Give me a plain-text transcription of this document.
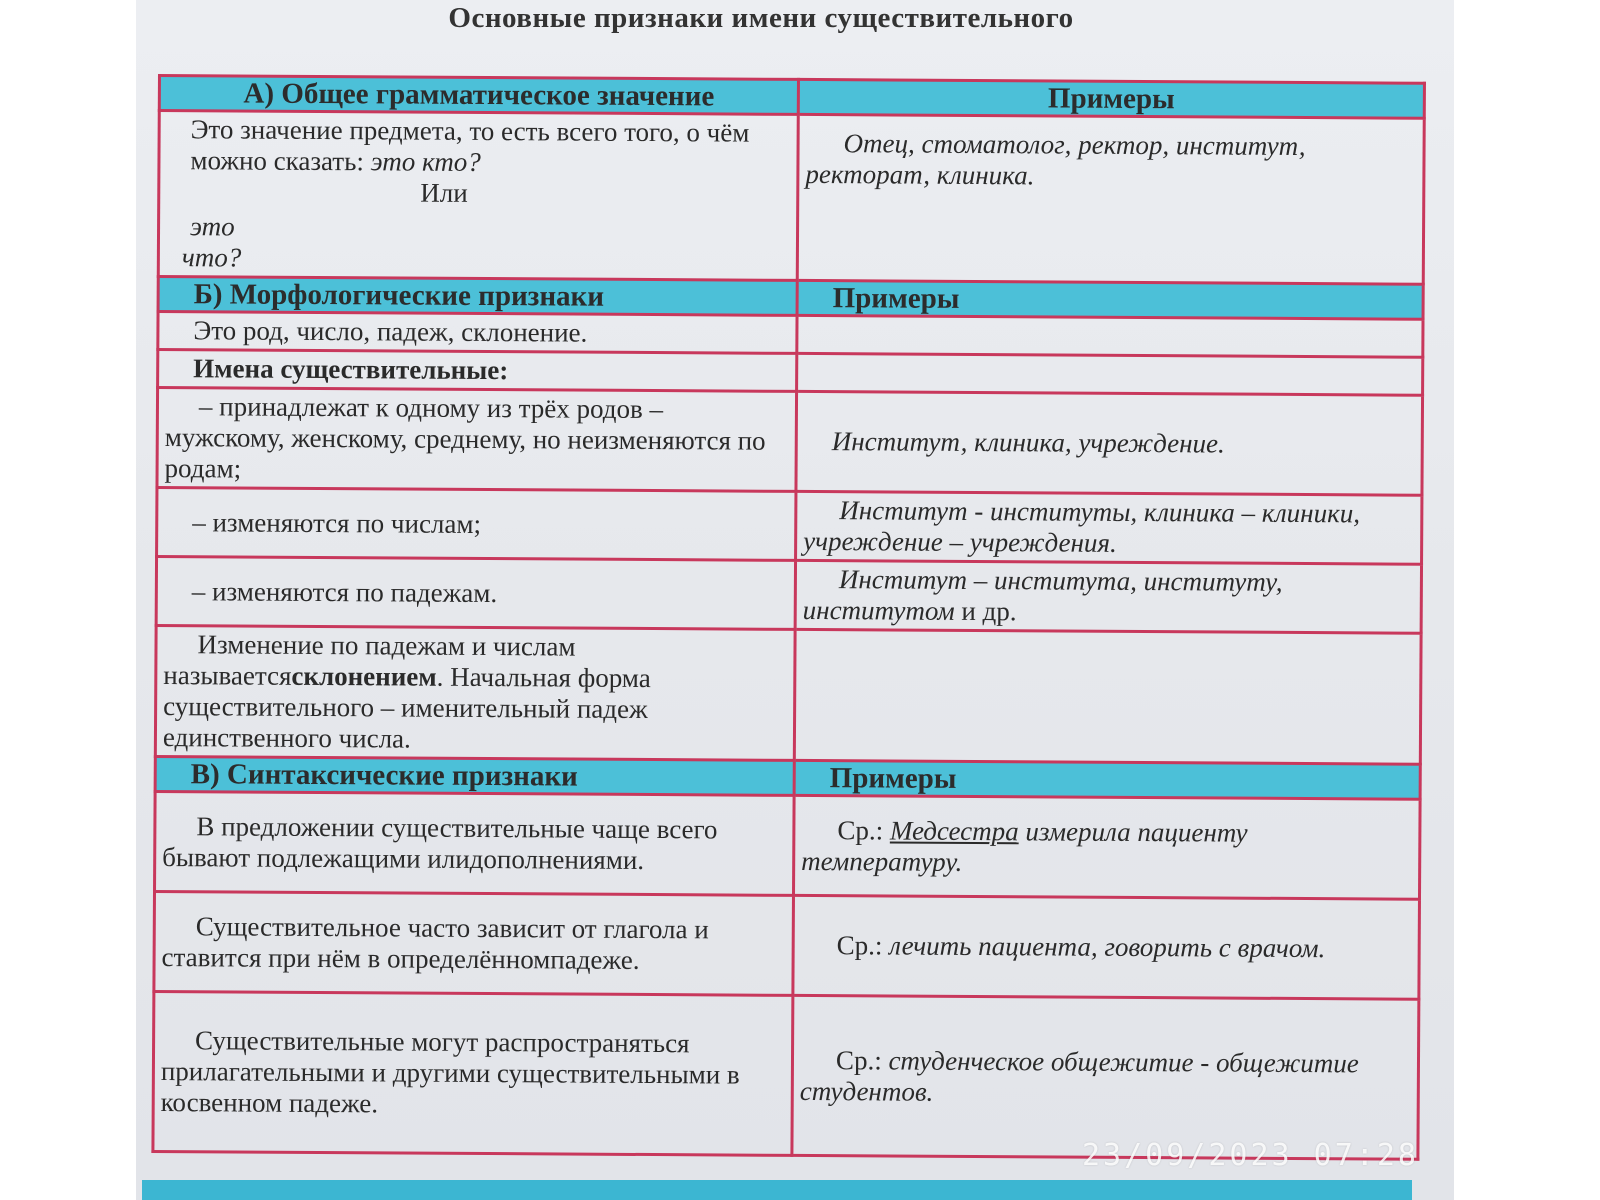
Основные признаки имени существительного
А) Общее грамматическое значение	Примеры
Это значение предмета, то есть всего того, о чём можно сказать: это кто?
Или
это
что?	Отец, стоматолог, ректор, институт, ректорат, клиника.
Б) Морфологические признаки	Примеры
Это род, число, падеж, склонение.	
Имена существительные:	
– принадлежат к одному из трёх родов – мужскому, женскому, среднему, но неизменяются по родам;	Институт, клиника, учреждение.
– изменяются по числам;	Институт - институты, клиника – клиники, учреждение – учреждения.
– изменяются по падежам.	Институт – института, институту, институтом и др.
Изменение по падежам и числам называетсясклонением. Начальная форма существительного – именительный падеж единственного числа.	
В) Синтаксические признаки	Примеры
В предложении существительные чаще всего бывают подлежащими илидополнениями.	Ср.: Медсестра измерила пациенту температуру.
Существительное часто зависит от глагола и ставится при нём в определённомпадеже.	Ср.: лечить пациента, говорить с врачом.
Существительные могут распространяться прилагательными и другими существительными в косвенном падеже.	Ср.: студенческое общежитие - общежитие студентов.
23/09/2023 07:28
